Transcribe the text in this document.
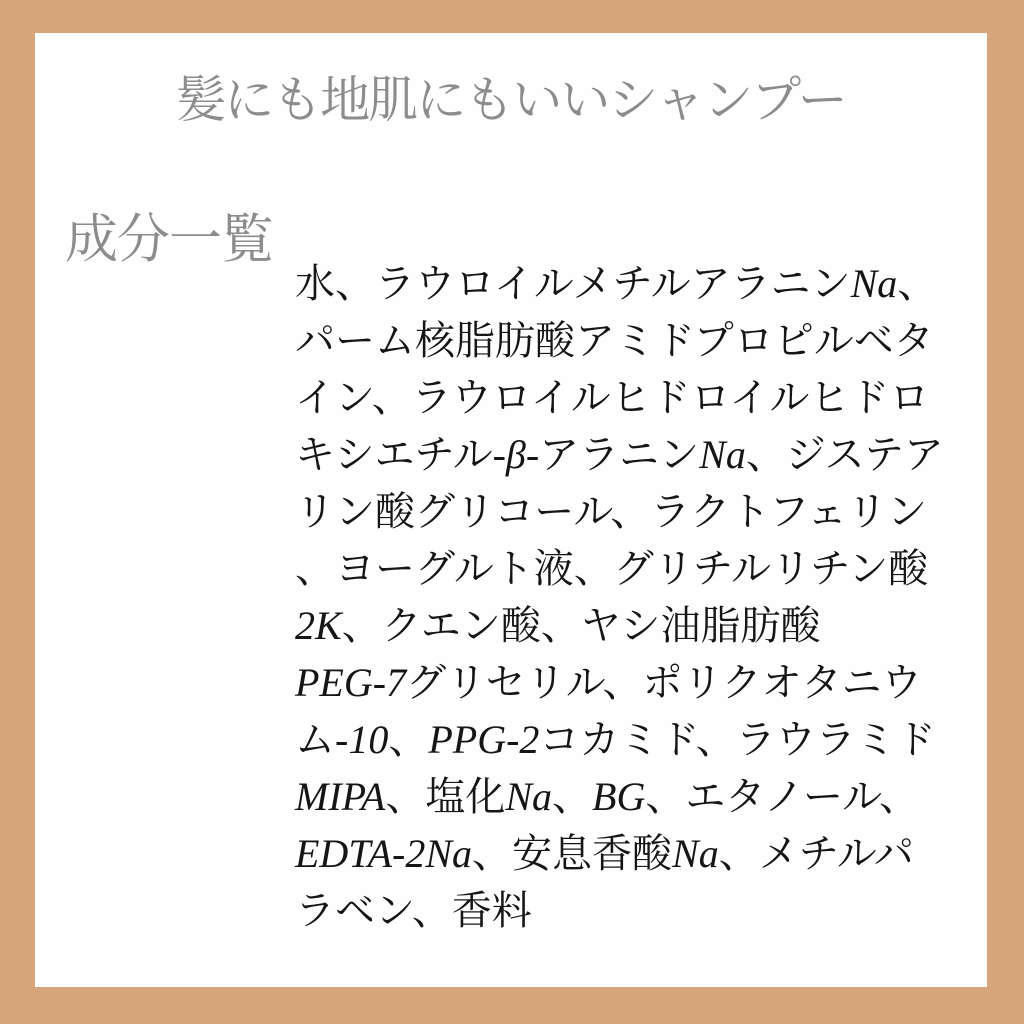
髪にも地肌にもいいシャンプー
成分一覧
水、ラウロイルメチルアラニンNa、
パーム核脂肪酸アミドプロピルベタ
イン、ラウロイルヒドロイルヒドロ
キシエチル-β-アラニンNa、ジステア
リン酸グリコール、ラクトフェリン
、ヨーグルト液、グリチルリチン酸
2K、クエン酸、ヤシ油脂肪酸
PEG-7グリセリル、ポリクオタニウ
ム-10、PPG-2コカミド、ラウラミド
MIPA、塩化Na、BG、エタノール、
EDTA-2Na、安息香酸Na、メチルパ
ラベン、香料
